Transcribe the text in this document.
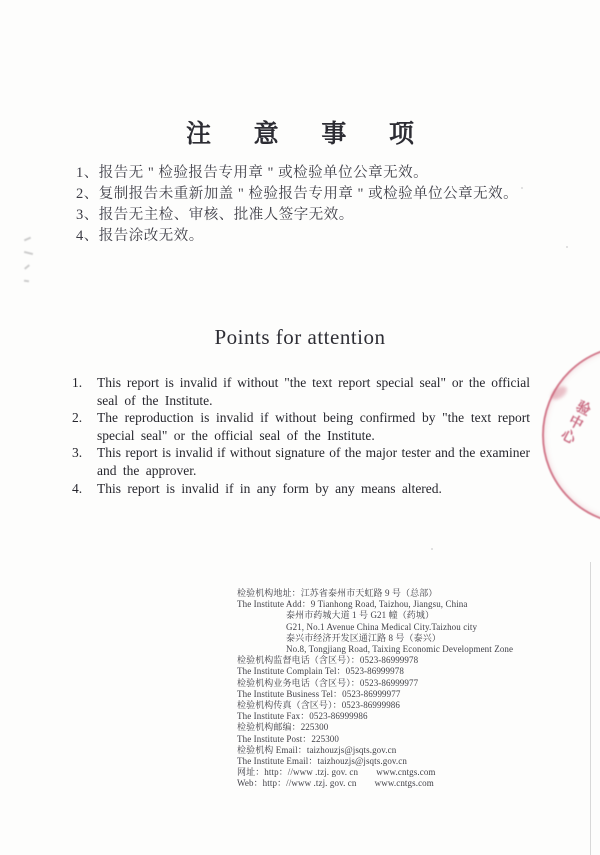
注 意 事 项
1、报告无 " 检验报告专用章 " 或检验单位公章无效。
2、复制报告未重新加盖 " 检验报告专用章 " 或检验单位公章无效。
3、报告无主检、审核、批准人签字无效。
4、报告涂改无效。
Points for attention
1. This report is invalid if without "the text report special seal" or the official
seal of the Institute.
2. The reproduction is invalid if without being confirmed by "the text report
special seal" or the official seal of the Institute.
3. This report is invalid if without signature of the major tester and the examiner
and the approver.
4. This report is invalid if in any form by any means altered.
检验机构地址：江苏省泰州市天虹路 9 号（总部）
The Institute Add：9 Tianhong Road, Taizhou, Jiangsu, China
泰州市药城大道 1 号 G21 幢（药城）
G21, No.1 Avenue China Medical City.Taizhou city
泰兴市经济开发区通江路 8 号（泰兴）
No.8, Tongjiang Road, Taixing Economic Development Zone
检验机构监督电话（含区号）：0523-86999978
The Institute Complain Tel：0523-86999978
检验机构业务电话（含区号）：0523-86999977
The Institute Business Tel：0523-86999977
检验机构传真（含区号）：0523-86999986
The Institute Fax：0523-86999986
检验机构邮编：225300
The Institute Post：225300
检验机构 Email：taizhouzjs@jsqts.gov.cn
The Institute Email：taizhouzjs@jsqts.gov.cn
网址：http：//www .tzj. gov. cn　　www.cntgs.com
Web：http：//www .tzj. gov. cn　　www.cntgs.com
验中心
